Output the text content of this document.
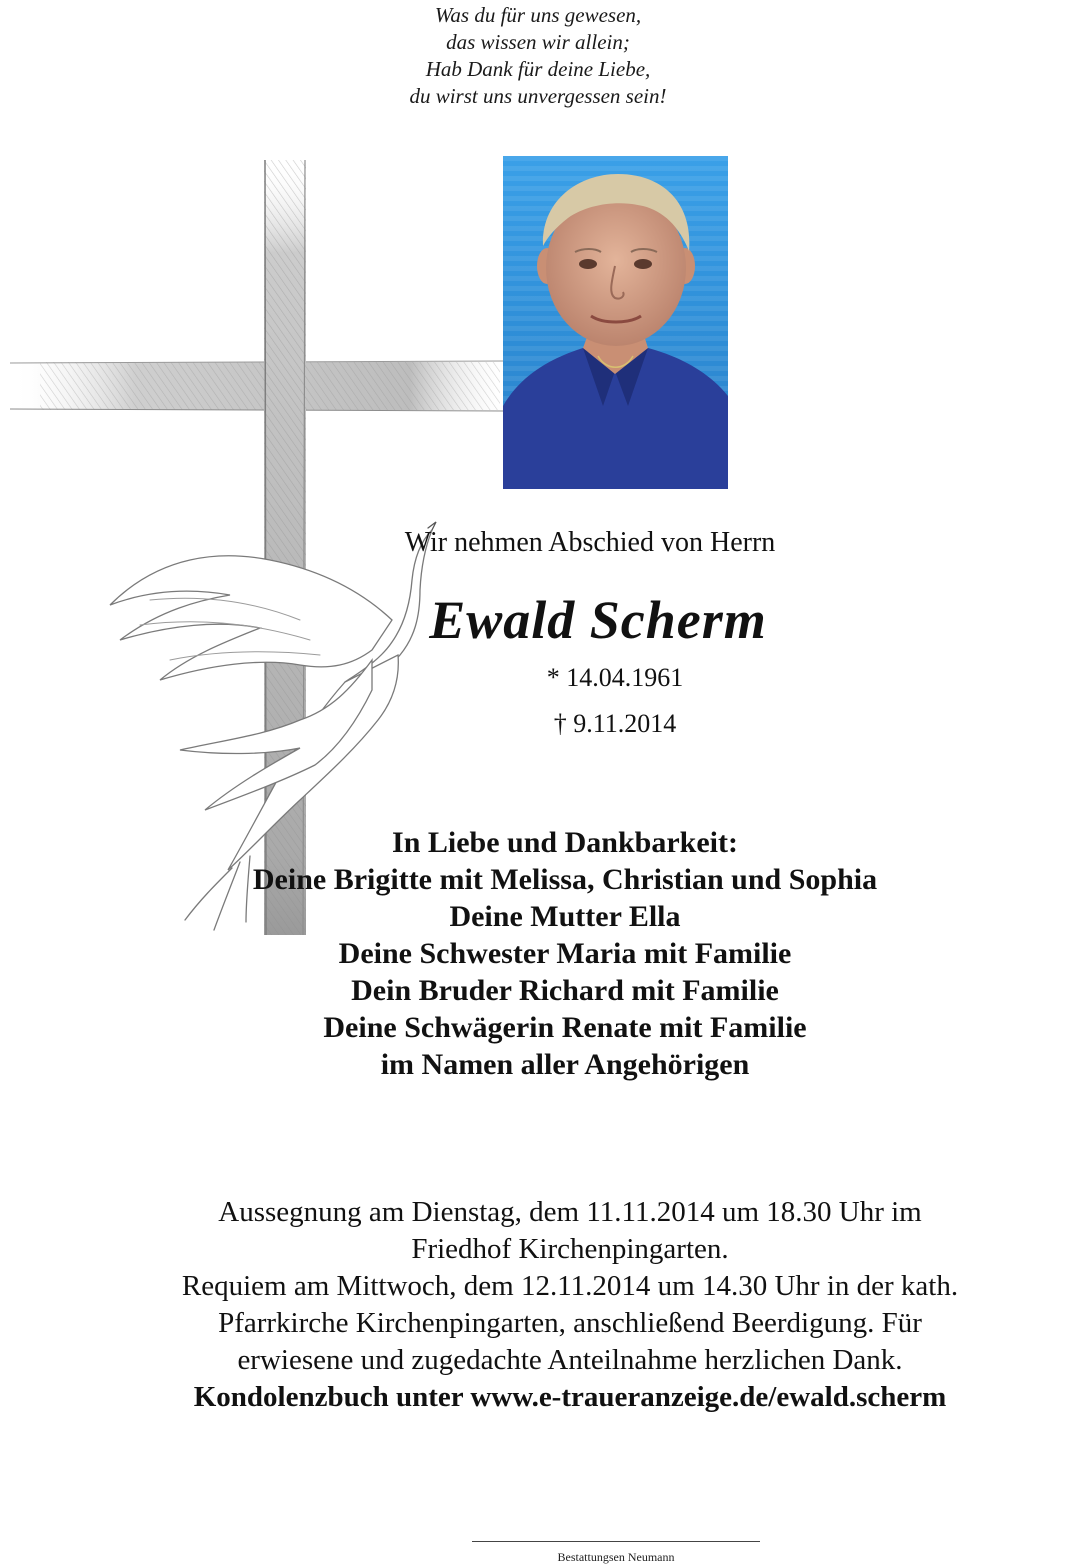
Was du für uns gewesen,
das wissen wir allein;
Hab Dank für deine Liebe,
du wirst uns unvergessen sein!
Wir nehmen Abschied von Herrn
Ewald Scherm
* 14.04.1961
† 9.11.2014
In Liebe und Dankbarkeit:
Deine Brigitte mit Melissa, Christian und Sophia
Deine Mutter Ella
Deine Schwester Maria mit Familie
Dein Bruder Richard mit Familie
Deine Schwägerin Renate mit Familie
im Namen aller Angehörigen
Aussegnung am Dienstag, dem 11.11.2014 um 18.30 Uhr im
Friedhof Kirchenpingarten.
Requiem am Mittwoch, dem 12.11.2014 um 14.30 Uhr in der kath.
Pfarrkirche Kirchenpingarten, anschließend Beerdigung. Für
erwiesene und zugedachte Anteilnahme herzlichen Dank.
Kondolenzbuch unter www.e-traueranzeige.de/ewald.scherm
Bestattungsen Neumann
